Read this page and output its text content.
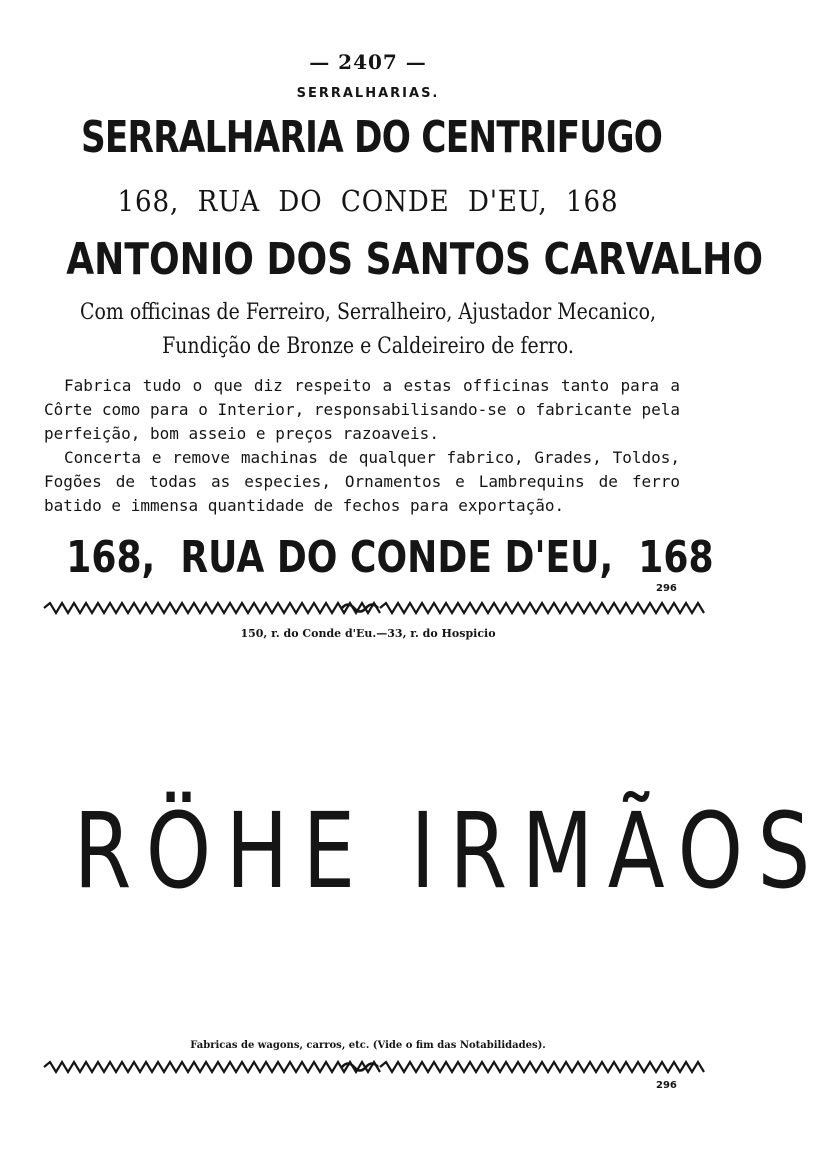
— 2407 —
SERRALHARIAS.
SERRALHARIA DO CENTRIFUGO
168,  RUA  DO  CONDE  D'EU,  168
ANTONIO DOS SANTOS CARVALHO
Com officinas de Ferreiro, Serralheiro, Ajustador Mecanico,
Fundição de Bronze e Caldeireiro de ferro.
Fabrica tudo o que diz respeito a estas officinas tanto para a Côrte como para o Interior, responsabilisando-se o fabricante pela perfeição, bom asseio e preços razoaveis.
Concerta e remove machinas de qualquer fabrico, Grades, Toldos, Fogões de todas as especies, Ornamentos e Lambrequins de ferro batido e immensa quantidade de fechos para exportação.
168,  RUA DO CONDE D'EU,  168
296
150, r. do Conde d'Eu.—33, r. do Hospicio
RÖHE IRMÃOS
Fabricas de wagons, carros, etc. (Vide o fim das Notabilidades).
296
